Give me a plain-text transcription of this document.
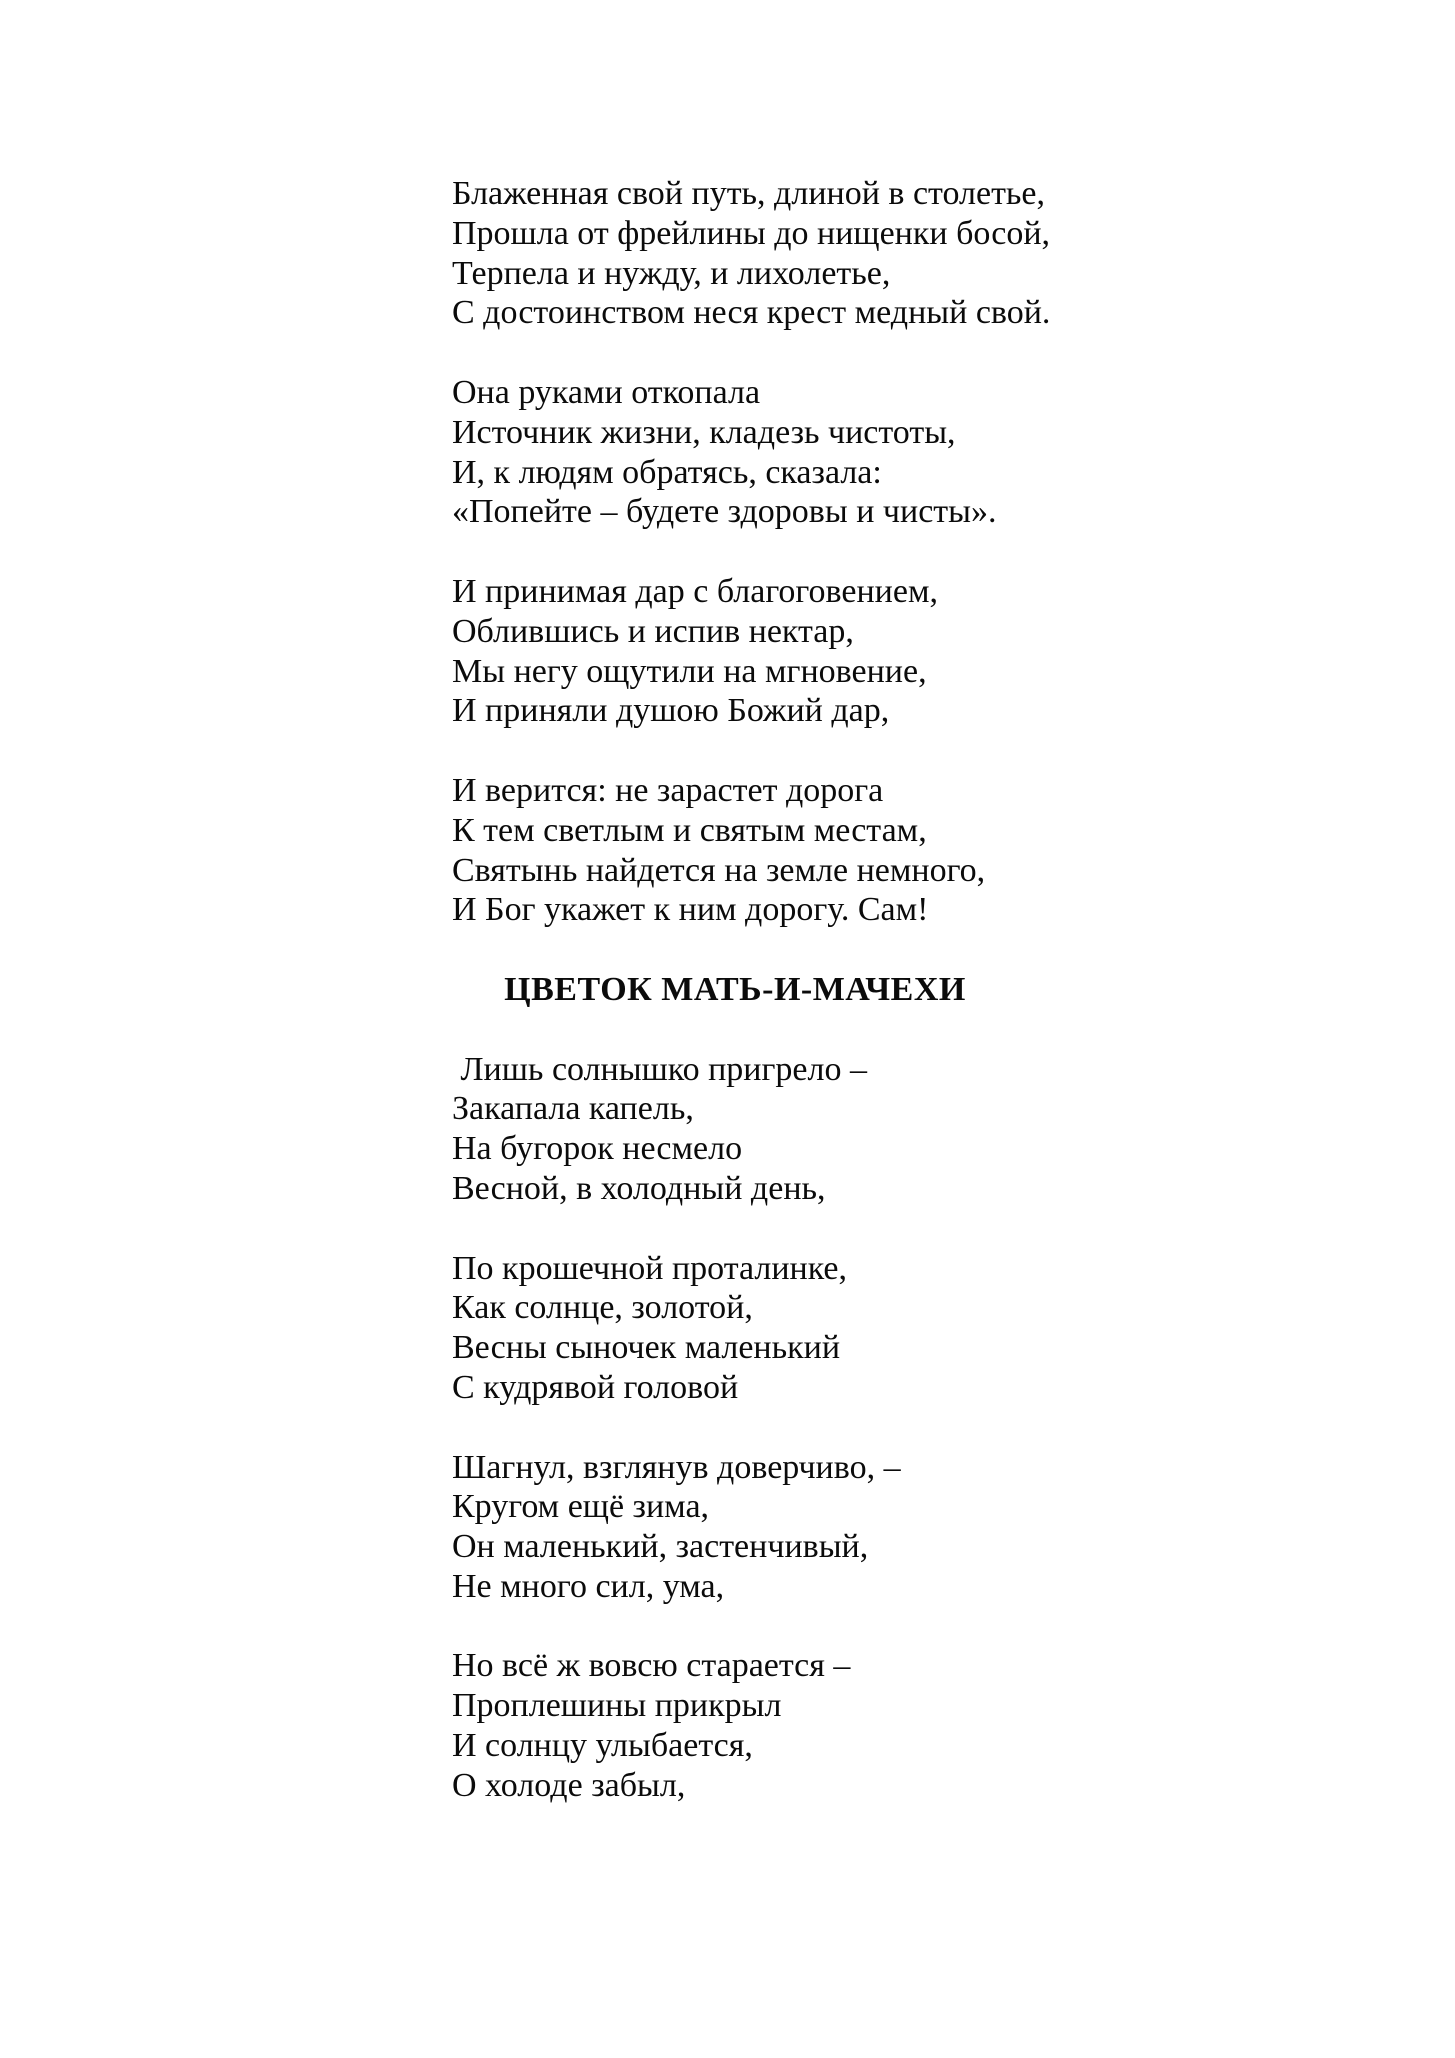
Блаженная свой путь, длиной в столетье,
Прошла от фрейлины до нищенки босой,
Терпела и нужду, и лихолетье,
С достоинством неся крест медный свой.

Она руками откопала
Источник жизни, кладезь чистоты,
И, к людям обратясь, сказала:
«Попейте – будете здоровы и чисты».

И принимая дар с благоговением,
Облившись и испив нектар,
Мы негу ощутили на мгновение,
И приняли душою Божий дар,

И верится: не зарастет дорога
К тем светлым и святым местам,
Святынь найдется на земле немного,
И Бог укажет к ним дорогу. Сам!

ЦВЕТОК МАТЬ-И-МАЧЕХИ

Лишь солнышко пригрело –
Закапала капель,
На бугорок несмело
Весной, в холодный день,

По крошечной проталинке,
Как солнце, золотой,
Весны сыночек маленький
С кудрявой головой

Шагнул, взглянув доверчиво, –
Кругом ещё зима,
Он маленький, застенчивый,
Не много сил, ума,

Но всё ж вовсю старается –
Проплешины прикрыл
И солнцу улыбается,
О холоде забыл,
